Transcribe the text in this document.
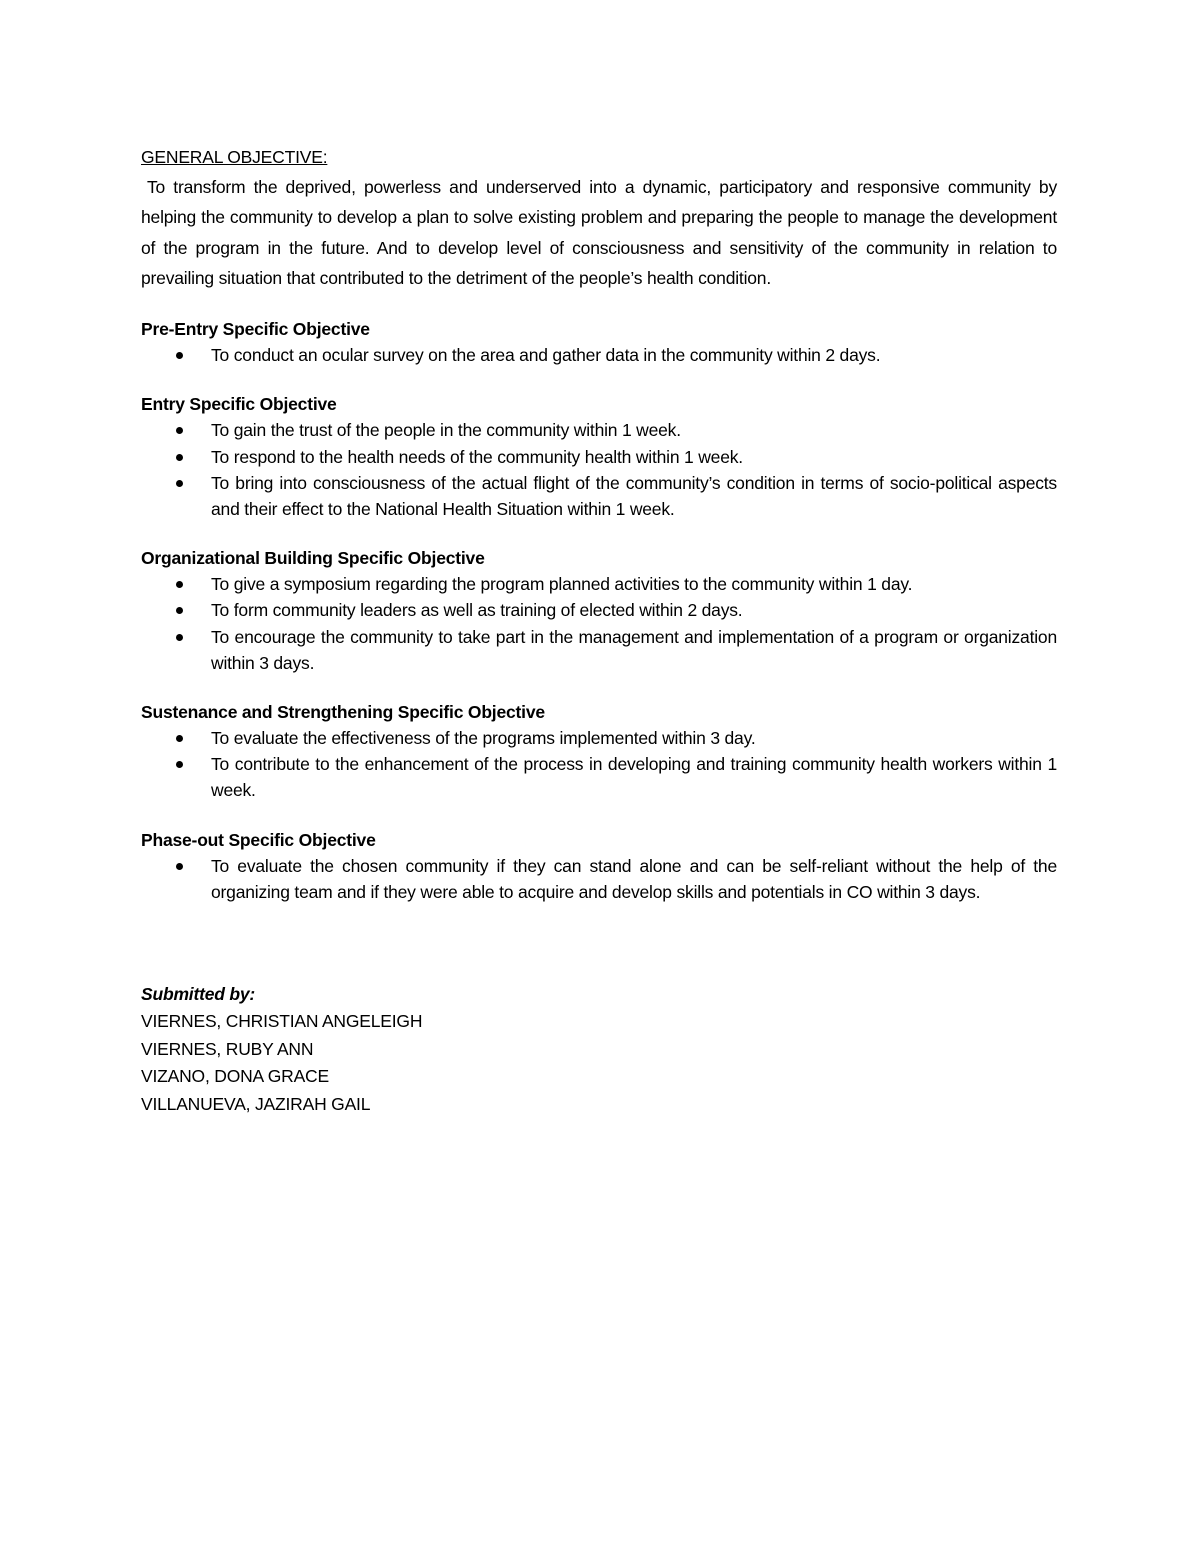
GENERAL OBJECTIVE:

To transform the deprived, powerless and underserved into a dynamic, participatory and responsive community by helping the community to develop a plan to solve existing problem and preparing the people to manage the development of the program in the future. And to develop level of consciousness and sensitivity of the community in relation to prevailing situation that contributed to the detriment of the people’s health condition.

Pre-Entry Specific Objective

To conduct an ocular survey on the area and gather data in the community within 2 days.

Entry Specific Objective

To gain the trust of the people in the community within 1 week.
To respond to the health needs of the community health within 1 week.
To bring into consciousness of the actual flight of the community’s condition in terms of socio-political aspects and their effect to the National Health Situation within 1 week.

Organizational Building Specific Objective

To give a symposium regarding the program planned activities to the community within 1 day.
To form community leaders as well as training of elected within 2 days.
To encourage the community to take part in the management and implementation of a program or organization within 3 days.

Sustenance and Strengthening Specific Objective

To evaluate the effectiveness of the programs implemented within 3 day.
To contribute to the enhancement of the process in developing and training community health workers within 1 week.

Phase-out Specific Objective

To evaluate the chosen community if they can stand alone and can be self-reliant without the help of the organizing team and if they were able to acquire and develop skills and potentials in CO within 3 days.

Submitted by:

VIERNES, CHRISTIAN ANGELEIGH
VIERNES, RUBY ANN
VIZANO, DONA GRACE
VILLANUEVA, JAZIRAH GAIL
